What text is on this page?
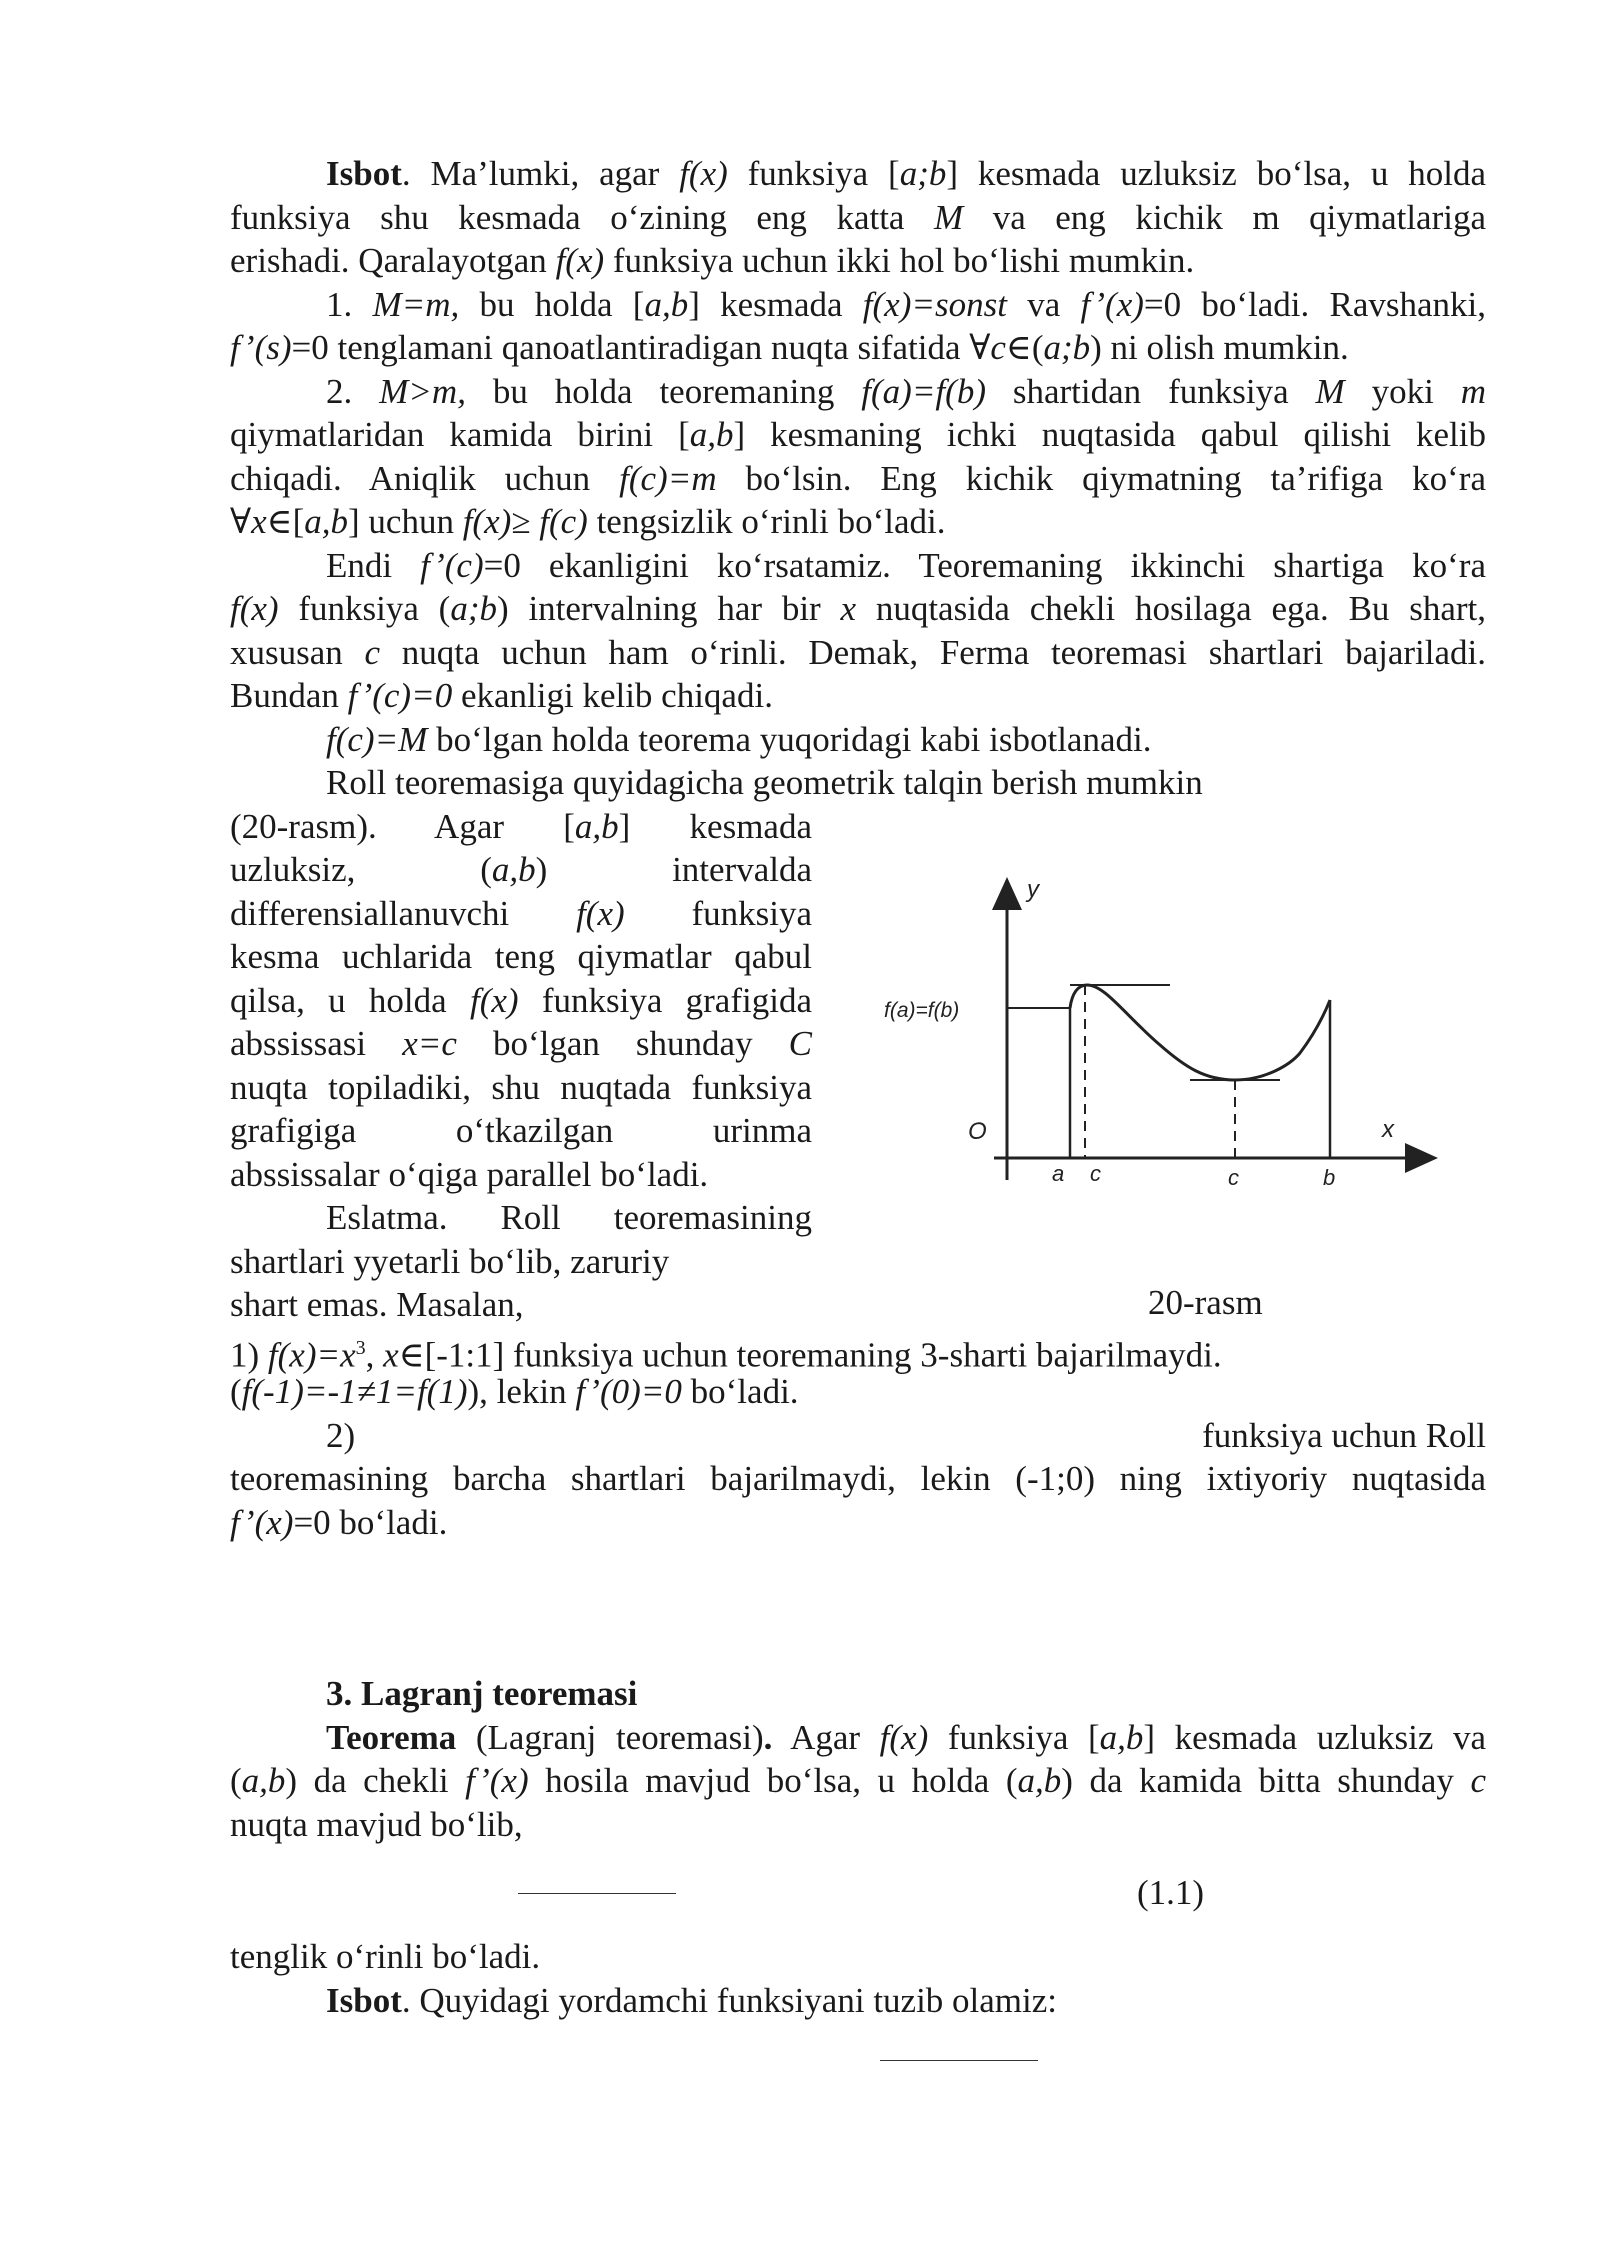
Isbot. Ma’lumki, agar f(x) funksiya [a;b] kesmada uzluksiz bo‘lsa, u holda

funksiya shu kesmada o‘zining eng katta M va eng kichik m qiymatlariga

erishadi. Qaralayotgan f(x) funksiya uchun ikki hol bo‘lishi mumkin.

1. M=m, bu holda [a,b] kesmada f(x)=sonst va f’(x)=0 bo‘ladi. Ravshanki,

f’(s)=0 tenglamani qanoatlantiradigan nuqta sifatida ∀c∈(a;b) ni olish mumkin.

2. M>m, bu holda teoremaning f(a)=f(b) shartidan funksiya M yoki m

qiymatlaridan kamida birini [a,b] kesmaning ichki nuqtasida qabul qilishi kelib

chiqadi. Aniqlik uchun f(c)=m bo‘lsin. Eng kichik qiymatning ta’rifiga ko‘ra

∀x∈[a,b] uchun f(x)≥ f(c) tengsizlik o‘rinli bo‘ladi.

Endi f’(c)=0 ekanligini ko‘rsatamiz. Teoremaning ikkinchi shartiga ko‘ra

f(x) funksiya (a;b) intervalning har bir x nuqtasida chekli hosilaga ega. Bu shart,

xususan c nuqta uchun ham o‘rinli. Demak, Ferma teoremasi shartlari bajariladi.

Bundan f’(c)=0 ekanligi kelib chiqadi.

f(c)=M bo‘lgan holda teorema yuqoridagi kabi isbotlanadi.

Roll teoremasiga quyidagicha geometrik talqin berish mumkin

(20-rasm). Agar [a,b] kesmada

uzluksiz, (a,b) intervalda

differensiallanuvchi f(x) funksiya

kesma uchlarida teng qiymatlar qabul

qilsa, u holda f(x) funksiya grafigida

abssissasi x=c bo‘lgan shunday C

nuqta topiladiki, shu nuqtada funksiya

grafigiga o‘tkazilgan urinma

abssissalar o‘qiga parallel bo‘ladi.

Eslatma. Roll teoremasining

shartlari yyetarli bo‘lib, zaruriy

shart emas. Masalan,

y
x
O
f(a)=f(b)
a c	c	b
20-rasm

1) $f(x)=x^3$, x∈[-1:1] funksiya uchun teoremaning 3-sharti bajarilmaydi.

(f(-1)=-1≠1=f(1)), lekin f’(0)=0 bo‘ladi.

2)	funksiya uchun Roll

teoremasining barcha shartlari bajarilmaydi, lekin (-1;0) ning ixtiyoriy nuqtasida

f’(x)=0 bo‘ladi.

3. Lagranj teoremasi

Teorema (Lagranj teoremasi). Agar f(x) funksiya [a,b] kesmada uzluksiz va

(a,b) da chekli f’(x) hosila mavjud bo‘lsa, u holda (a,b) da kamida bitta shunday c

nuqta mavjud bo‘lib,

(1.1)

tenglik o‘rinli bo‘ladi.

Isbot. Quyidagi yordamchi funksiyani tuzib olamiz:
